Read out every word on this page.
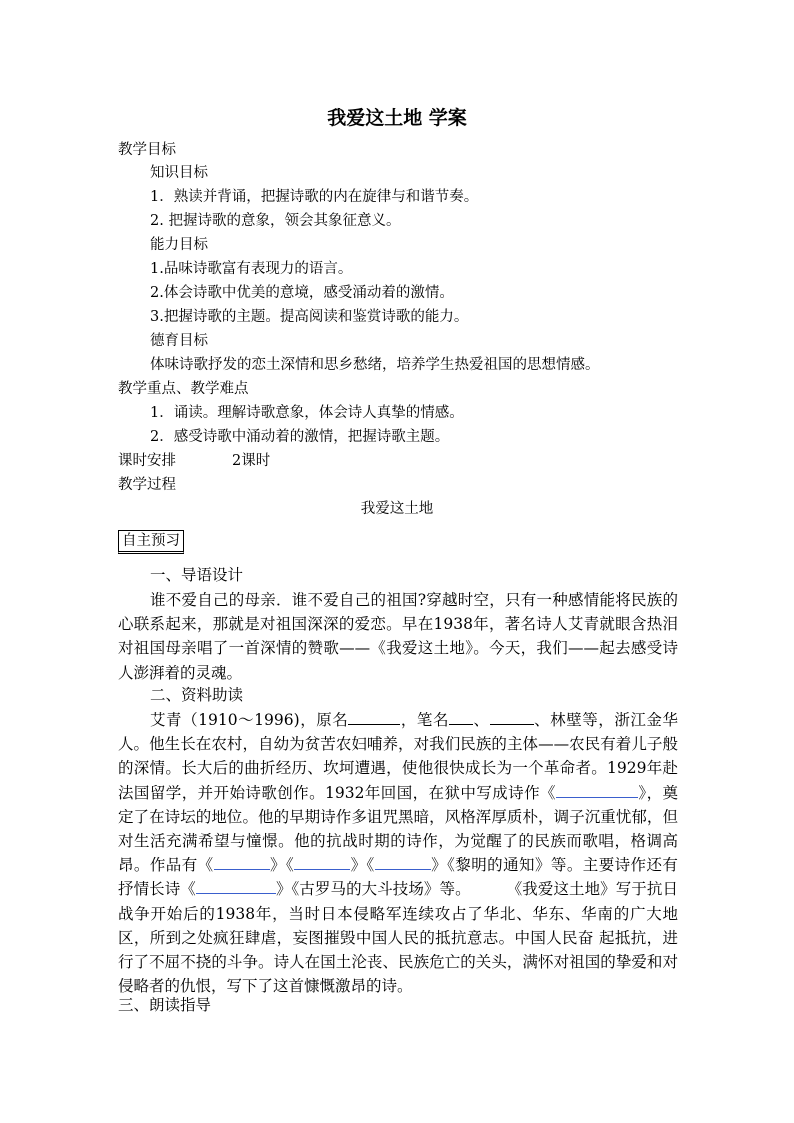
我爱这土地 学案
教学目标
知识目标
1．熟读并背诵，把握诗歌的内在旋律与和谐节奏。
2. 把握诗歌的意象，领会其象征意义。
能力目标
1.品味诗歌富有表现力的语言。
2.体会诗歌中优美的意境，感受涌动着的激情。
3.把握诗歌的主题。提高阅读和鉴赏诗歌的能力。
德育目标
体味诗歌抒发的恋土深情和思乡愁绪，培养学生热爱祖国的思想情感。
教学重点、教学难点
1．诵读。理解诗歌意象，体会诗人真挚的情感。
2．感受诗歌中涌动着的激情，把握诗歌主题。
课时安排	2课时
教学过程
我爱这土地
自主预习
一、导语设计
谁不爱自己的母亲．谁不爱自己的祖国?穿越时空，只有一种感情能将民族的心联系起来，那就是对祖国深深的爱恋。早在1938年，著名诗人艾青就眼含热泪对祖国母亲唱了一首深情的赞歌——《我爱这土地》。今天，我们——起去感受诗人澎湃着的灵魂。
二、资料助读
艾青（1910～1996)，原名	，笔名 、	、林壁等，浙江金华人。他生长在农村，自幼为贫苦农妇哺养，对我们民族的主体——农民有着儿子般的深情。长大后的曲折经历、坎坷遭遇，使他很快成长为一个革命者。1929年赴法国留学，并开始诗歌创作。1932年回国，在狱中写成诗作《	》，奠定了在诗坛的地位。他的早期诗作多诅咒黑暗，风格浑厚质朴，调子沉重忧郁，但对生活充满希望与憧憬。他的抗战时期的诗作，为觉醒了的民族而歌唱，格调高昂。作品有《	》《	》《	》《黎明的通知》等。主要诗作还有抒情长诗《	》《古罗马的大斗技场》等。 《我爱这土地》写于抗日战争开始后的1938年，当时日本侵略军连续攻占了华北、华东、华南的广大地区，所到之处疯狂肆虐，妄图摧毁中国人民的抵抗意志。中国人民奋 起抵抗，进行了不屈不挠的斗争。诗人在国土沦丧、民族危亡的关头，满怀对祖国的挚爱和对侵略者的仇恨，写下了这首慷慨激昂的诗。
三、朗读指导
